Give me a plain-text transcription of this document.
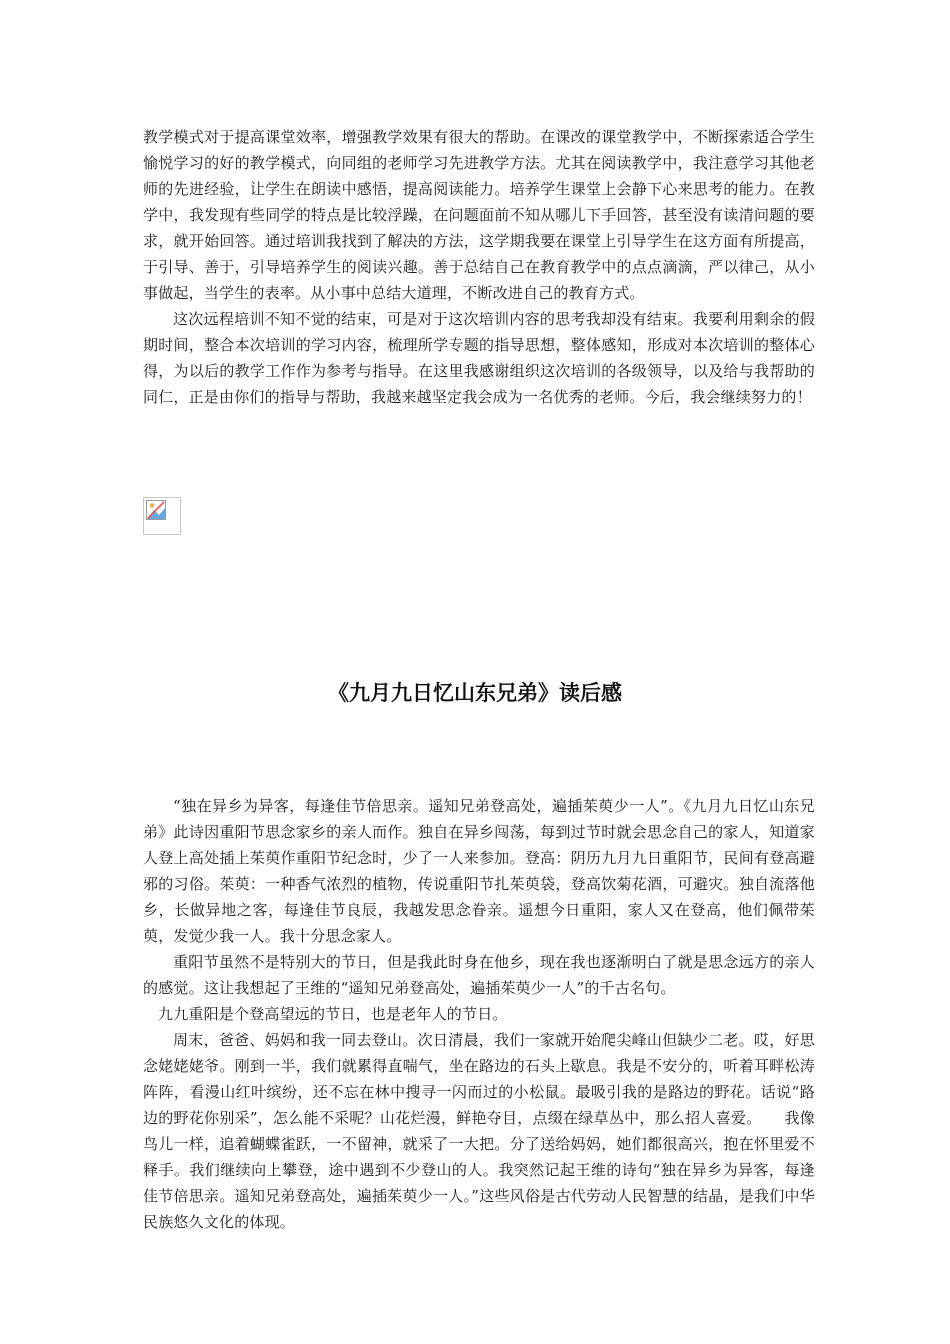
教学模式对于提高课堂效率，增强教学效果有很大的帮助。在课改的课堂教学中，不断探索适合学生愉悦学习的好的教学模式，向同组的老师学习先进教学方法。尤其在阅读教学中，我注意学习其他老师的先进经验，让学生在朗读中感悟，提高阅读能力。培养学生课堂上会静下心来思考的能力。在教学中，我发现有些同学的特点是比较浮躁，在问题面前不知从哪儿下手回答，甚至没有读清问题的要求，就开始回答。通过培训我找到了解决的方法，这学期我要在课堂上引导学生在这方面有所提高，于引导、善于，引导培养学生的阅读兴趣。善于总结自己在教育教学中的点点滴滴，严以律己，从小事做起，当学生的表率。从小事中总结大道理，不断改进自己的教育方式。

这次远程培训不知不觉的结束，可是对于这次培训内容的思考我却没有结束。我要利用剩余的假期时间，整合本次培训的学习内容，梳理所学专题的指导思想，整体感知，形成对本次培训的整体心得，为以后的教学工作作为参考与指导。在这里我感谢组织这次培训的各级领导，以及给与我帮助的同仁，正是由你们的指导与帮助，我越来越坚定我会成为一名优秀的老师。今后，我会继续努力的！

《九月九日忆山东兄弟》读后感

“独在异乡为异客，每逢佳节倍思亲。遥知兄弟登高处，遍插茱萸少一人”。《九月九日忆山东兄弟》此诗因重阳节思念家乡的亲人而作。独自在异乡闯荡，每到过节时就会思念自己的家人，知道家人登上高处插上茱萸作重阳节纪念时，少了一人来参加。登高：阴历九月九日重阳节，民间有登高避邪的习俗。茱萸：一种香气浓烈的植物，传说重阳节扎茱萸袋，登高饮菊花酒，可避灾。独自流落他乡，长做异地之客，每逢佳节良辰，我越发思念眷亲。遥想今日重阳，家人又在登高，他们佩带茱萸，发觉少我一人。我十分思念家人。

重阳节虽然不是特别大的节日，但是我此时身在他乡，现在我也逐渐明白了就是思念远方的亲人的感觉。这让我想起了王维的“遥知兄弟登高处，遍插茱萸少一人”的千古名句。

九九重阳是个登高望远的节日，也是老年人的节日。

周末，爸爸、妈妈和我一同去登山。次日清晨，我们一家就开始爬尖峰山但缺少二老。哎，好思念姥姥姥爷。刚到一半，我们就累得直喘气，坐在路边的石头上歇息。我是不安分的，听着耳畔松涛阵阵，看漫山红叶缤纷，还不忘在林中搜寻一闪而过的小松鼠。最吸引我的是路边的野花。话说“路边的野花你别采”，怎么能不采呢？山花烂漫，鲜艳夺目，点缀在绿草丛中，那么招人喜爱。　　我像鸟儿一样，追着蝴蝶雀跃，一不留神，就采了一大把。分了送给妈妈，她们都很高兴，抱在怀里爱不释手。我们继续向上攀登，途中遇到不少登山的人。我突然记起王维的诗句“独在异乡为异客，每逢佳节倍思亲。遥知兄弟登高处，遍插茱萸少一人。”这些风俗是古代劳动人民智慧的结晶，是我们中华民族悠久文化的体现。
